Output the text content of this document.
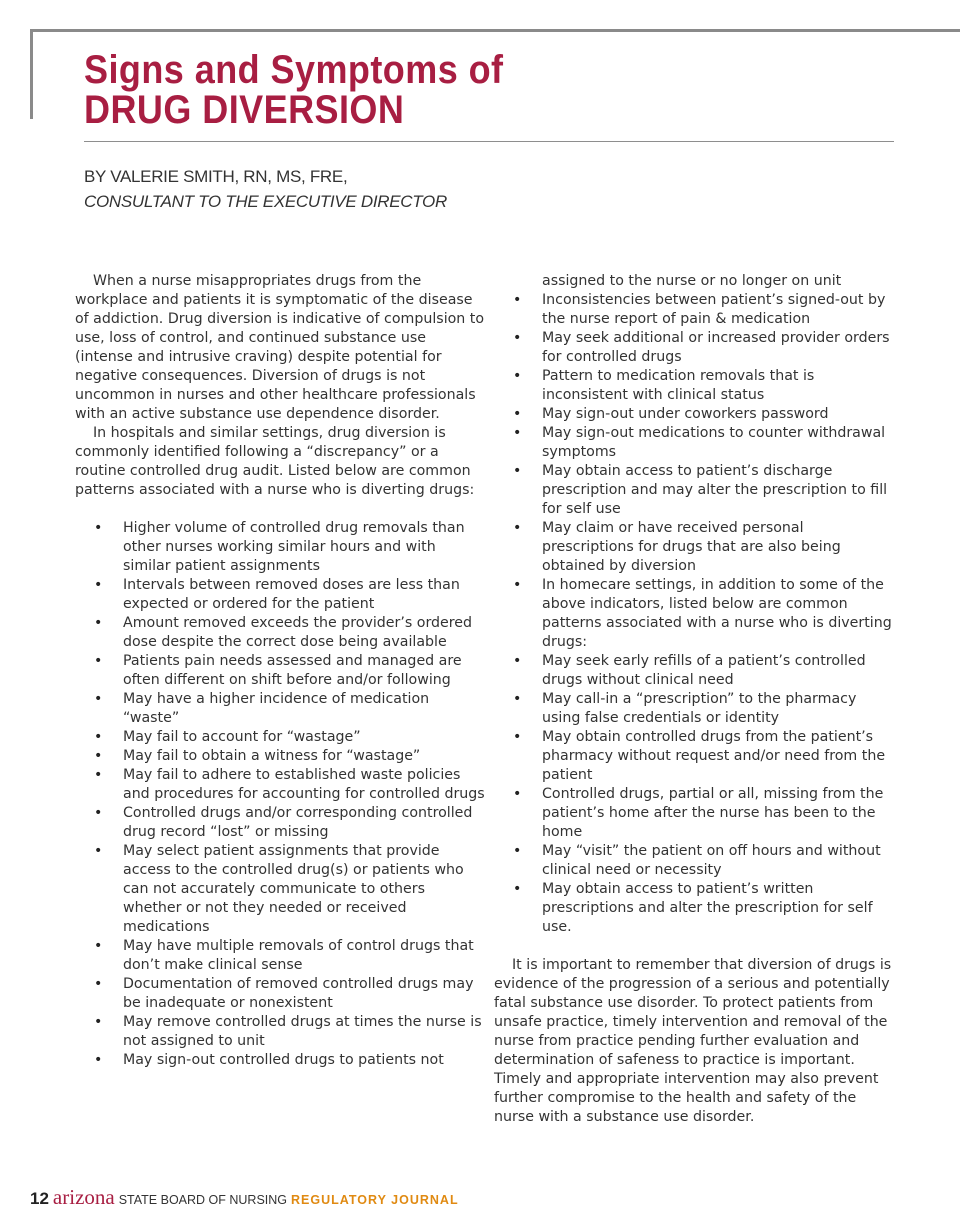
Signs and Symptoms of
DRUG DIVERSION
BY VALERIE SMITH, RN, MS, FRE,
CONSULTANT TO THE EXECUTIVE DIRECTOR

When a nurse misappropriates drugs from the workplace and patients it is symptomatic of the disease of addiction. Drug diversion is indicative of compulsion to use, loss of control, and continued substance use (intense and intrusive craving) despite potential for negative consequences. Diversion of drugs is not uncommon in nurses and other healthcare professionals with an active substance use dependence disorder.

In hospitals and similar settings, drug diversion is commonly identified following a “discrepancy” or a routine controlled drug audit. Listed below are common patterns associated with a nurse who is diverting drugs:

• Higher volume of controlled drug removals than other nurses working similar hours and with similar patient assignments
• Intervals between removed doses are less than expected or ordered for the patient
• Amount removed exceeds the provider’s ordered dose despite the correct dose being available
• Patients pain needs assessed and managed are often different on shift before and/or following
• May have a higher incidence of medication “waste”
• May fail to account for “wastage”
• May fail to obtain a witness for “wastage”
• May fail to adhere to established waste policies and procedures for accounting for controlled drugs
• Controlled drugs and/or corresponding controlled drug record “lost” or missing
• May select patient assignments that provide access to the controlled drug(s) or patients who can not accurately communicate to others whether or not they needed or received medications
• May have multiple removals of control drugs that don’t make clinical sense
• Documentation of removed controlled drugs may be inadequate or nonexistent
• May remove controlled drugs at times the nurse is not assigned to unit
• May sign-out controlled drugs to patients not
assigned to the nurse or no longer on unit
• Inconsistencies between patient’s signed-out by the nurse report of pain & medication
• May seek additional or increased provider orders for controlled drugs
• Pattern to medication removals that is inconsistent with clinical status
• May sign-out under coworkers password
• May sign-out medications to counter withdrawal symptoms
• May obtain access to patient’s discharge prescription and may alter the prescription to fill for self use
• May claim or have received personal prescriptions for drugs that are also being obtained by diversion
• In homecare settings, in addition to some of the above indicators, listed below are common patterns associated with a nurse who is diverting drugs:
• May seek early refills of a patient’s controlled drugs without clinical need
• May call-in a “prescription” to the pharmacy using false credentials or identity
• May obtain controlled drugs from the patient’s pharmacy without request and/or need from the patient
• Controlled drugs, partial or all, missing from the patient’s home after the nurse has been to the home
• May “visit” the patient on off hours and without clinical need or necessity
• May obtain access to patient’s written prescriptions and alter the prescription for self use.

It is important to remember that diversion of drugs is evidence of the progression of a serious and potentially fatal substance use disorder. To protect patients from unsafe practice, timely intervention and removal of the nurse from practice pending further evaluation and determination of safeness to practice is important. Timely and appropriate intervention may also prevent further compromise to the health and safety of the nurse with a substance use disorder.

12 arizona STATE BOARD OF NURSING REGULATORY JOURNAL
